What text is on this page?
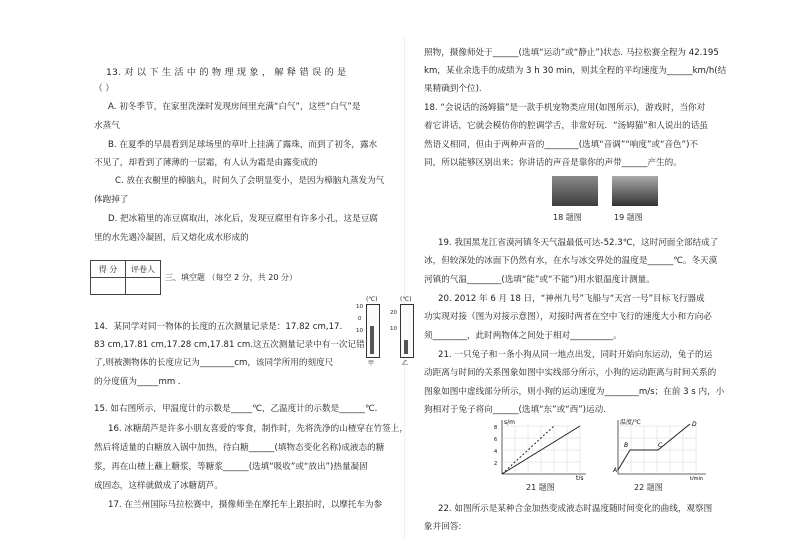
13. 对 以 下 生 活 中 的 物 理 现 象 ， 解 释 错 误 的 是
（ ）
A. 初冬季节，在家里洗澡时发现房间里充满“白气”，这些“白气”是
水蒸气
B. 在夏季的早晨看到足球场里的草叶上挂满了露珠，而到了初冬，露水
不见了，却看到了薄薄的一层霜，有人认为霜是由露变成的
C. 放在衣橱里的樟脑丸，时间久了会明显变小，是因为樟脑丸蒸发为气
体跑掉了
D. 把冰箱里的冻豆腐取出，冰化后，发现豆腐里有许多小孔，这是豆腐
里的水先遇冷凝固，后又熔化成水形成的
得 分	评卷人

三、填空题 （每空 2 分，共 20 分）
(℃)	(℃)
10
0
10
20
10
甲	乙
14．某同学对同一物体的长度的五次测量记录是：17.82 cm,17.
83 cm,17.81 cm,17.28 cm,17.81 cm.这五次测量记录中有一次记错
了,则被测物体的长度应记为________cm，该同学所用的刻度尺
的分度值为_____mm ．
15. 如右图所示，甲温度计的示数是_____℃，乙温度计的示数是______℃.
16. 冰糖葫芦是许多小朋友喜爱的零食，制作时，先将洗净的山楂穿在竹签上，
然后将适量的白糖放入锅中加热，待白糖______(填物态变化名称)成液态的糖
浆，再在山楂上蘸上糖浆，等糖浆______(选填“吸收”或“放出”)热量凝固
成固态，这样就做成了冰糖葫芦。
17. 在兰州国际马拉松赛中，摄像师坐在摩托车上跟拍时，以摩托车为参
照物，摄像师处于______(选填“运动”或“静止”)状态. 马拉松赛全程为 42.195
km，某业余选手的成绩为 3 h 30 min，则其全程的平均速度为______km/h(结
果精确到个位).
18. “会说话的汤姆猫”是一款手机宠物类应用(如图所示)，游戏时，当你对
着它讲话，它就会模仿你的腔调学舌，非常好玩．“汤姆猫”和人说出的话虽
然语义相同，但由于两种声音的________(选填“音调”“响度”或“音色”)不
同，所以能够区别出来；你讲话的声音是靠你的声带______产生的。
18 题图	19 题图
19. 我国黑龙江省漠河镇冬天气温最低可达-52.3℃，这时河面全部结成了
冰，但较深处的冰面下仍然有水，在水与冰交界处的温度是______℃。冬天漠
河镇的气温________(选填“能”或“不能”)用水银温度计测量。
20. 2012 年 6 月 18 日，“神州九号”飞船与“天宫一号”目标飞行器成
功实现对接（图为对接示意图），对接时两者在空中飞行的速度大小和方向必
须________，此时两物体之间处于相对__________。
21. 一只兔子和一条小狗从同一地点出发，同时开始向东运动，兔子的运
动距离与时间的关系图象如图中实线部分所示，小狗的运动距离与时间关系的
图象如图中虚线部分所示，则小狗的运动速度为________m/s；在前 3 s 内，小
狗相对于兔子将向______(选填“东”或“西”)运动.
s/m
t/s
8
6
4
2
21 题图
温度/℃
t/min
A
B	C
D
22 题图
22. 如图所示是某种合金加热变成液态时温度随时间变化的曲线，观察图
象并回答:
